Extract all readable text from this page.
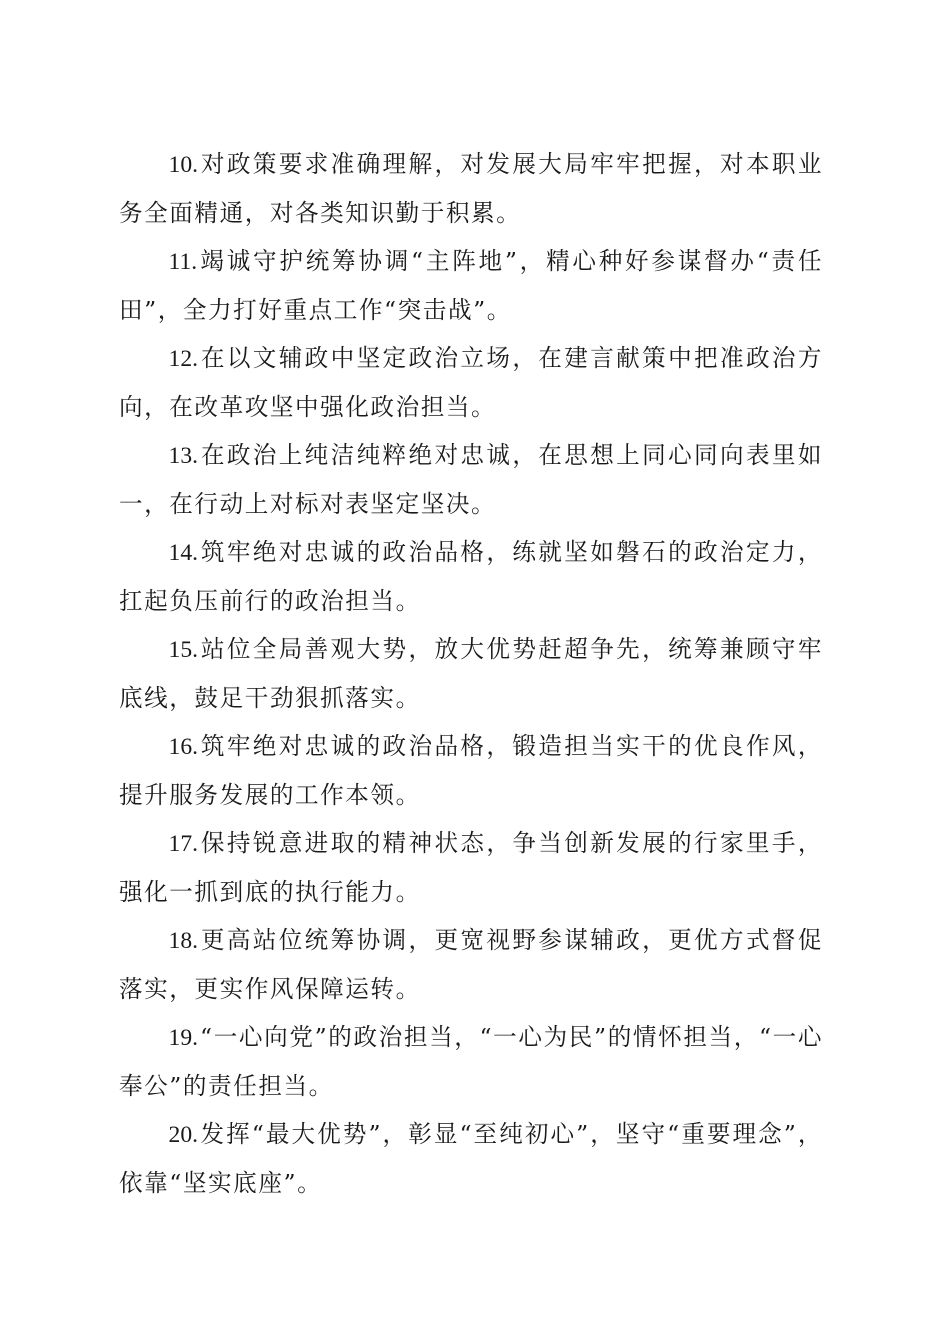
10.对政策要求准确理解，对发展大局牢牢把握，对本职业务全面精通，对各类知识勤于积累。

11.竭诚守护统筹协调“主阵地”，精心种好参谋督办“责任田”，全力打好重点工作“突击战”。

12.在以文辅政中坚定政治立场，在建言献策中把准政治方向，在改革攻坚中强化政治担当。

13.在政治上纯洁纯粹绝对忠诚，在思想上同心同向表里如一，在行动上对标对表坚定坚决。

14.筑牢绝对忠诚的政治品格，练就坚如磐石的政治定力，扛起负压前行的政治担当。

15.站位全局善观大势，放大优势赶超争先，统筹兼顾守牢底线，鼓足干劲狠抓落实。

16.筑牢绝对忠诚的政治品格，锻造担当实干的优良作风，提升服务发展的工作本领。

17.保持锐意进取的精神状态，争当创新发展的行家里手，强化一抓到底的执行能力。

18.更高站位统筹协调，更宽视野参谋辅政，更优方式督促落实，更实作风保障运转。

19.“一心向党”的政治担当，“一心为民”的情怀担当，“一心奉公”的责任担当。

20.发挥“最大优势”，彰显“至纯初心”，坚守“重要理念”，依靠“坚实底座”。
